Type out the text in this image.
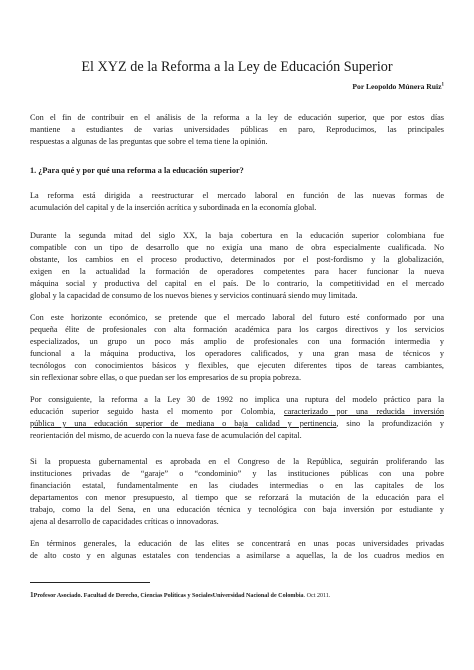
El XYZ de la Reforma a la Ley de Educación Superior
Por Leopoldo Múnera Ruiz$^1$
Con el fin de contribuir en el análisis de la reforma a la ley de educación superior, que por estos días
mantiene a estudiantes de varias universidades públicas en paro, Reproducimos, las principales
respuestas a algunas de las preguntas que sobre el tema tiene la opinión.
1. ¿Para qué y por qué una reforma a la educación superior?
La reforma está dirigida a reestructurar el mercado laboral en función de las nuevas formas de
acumulación del capital y de la inserción acrítica y subordinada en la economía global.
Durante la segunda mitad del siglo XX, la baja cobertura en la educación superior colombiana fue
compatible con un tipo de desarrollo que no exigía una mano de obra especialmente cualificada. No
obstante, los cambios en el proceso productivo, determinados por el post-fordismo y la globalización,
exigen en la actualidad la formación de operadores competentes para hacer funcionar la nueva
máquina social y productiva del capital en el país. De lo contrario, la competitividad en el mercado
global y la capacidad de consumo de los nuevos bienes y servicios continuará siendo muy limitada.
Con este horizonte económico, se pretende que el mercado laboral del futuro esté conformado por una
pequeña élite de profesionales con alta formación académica para los cargos directivos y los servicios
especializados, un grupo un poco más amplio de profesionales con una formación intermedia y
funcional a la máquina productiva, los operadores calificados, y una gran masa de técnicos y
tecnólogos con conocimientos básicos y flexibles, que ejecuten diferentes tipos de tareas cambiantes,
sin reflexionar sobre ellas, o que puedan ser los empresarios de su propia pobreza.
Por consiguiente, la reforma a la Ley 30 de 1992 no implica una ruptura del modelo práctico para la
educación superior seguido hasta el momento por Colombia, caracterizado por una reducida inversión
pública y una educación superior de mediana o baja calidad y pertinencia, sino la profundización y
reorientación del mismo, de acuerdo con la nueva fase de acumulación del capital.
Si la propuesta gubernamental es aprobada en el Congreso de la República, seguirán proliferando las
instituciones privadas de “garaje” o “condominio” y las instituciones públicas con una pobre
financiación estatal, fundamentalmente en las ciudades intermedias o en las capitales de los
departamentos con menor presupuesto, al tiempo que se reforzará la mutación de la educación para el
trabajo, como la del Sena, en una educación técnica y tecnológica con baja inversión por estudiante y
ajena al desarrollo de capacidades críticas o innovadoras.
En términos generales, la educación de las elites se concentrará en unas pocas universidades privadas
de alto costo y en algunas estatales con tendencias a asimilarse a aquellas, la de los cuadros medios en
1Profesor Asociado. Facultad de Derecho, Ciencias Políticas y SocialesUniversidad Nacional de Colombia. Oct 2011.
